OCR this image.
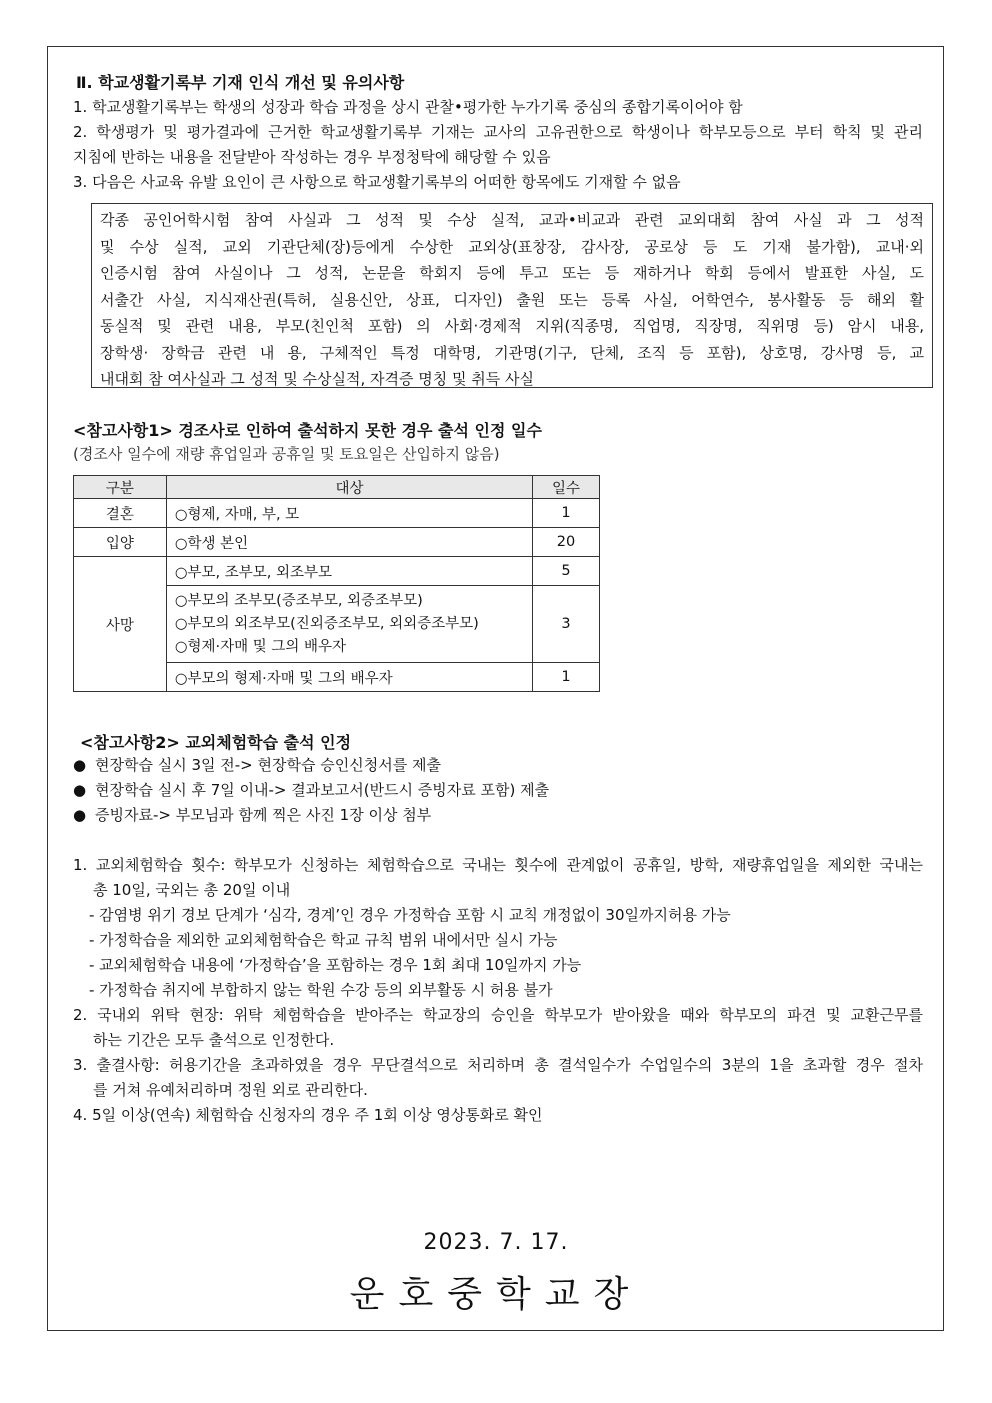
Ⅱ. 학교생활기록부 기재 인식 개선 및 유의사항
1. 학교생활기록부는 학생의 성장과 학습 과정을 상시 관찰•평가한 누가기록 중심의 종합기록이어야 함
2. 학생평가 및 평가결과에 근거한 학교생활기록부 기재는 교사의 고유권한으로 학생이나 학부모등으로 부터 학칙 및 관리
지침에 반하는 내용을 전달받아 작성하는 경우 부정청탁에 해당할 수 있음
3. 다음은 사교육 유발 요인이 큰 사항으로 학교생활기록부의 어떠한 항목에도 기재할 수 없음
각종 공인어학시험 참여 사실과 그 성적 및 수상 실적, 교과•비교과 관련 교외대회 참여 사실 과 그 성적
및 수상 실적, 교외 기관단체(장)등에게 수상한 교외상(표창장, 감사장, 공로상 등 도 기재 불가함), 교내·외
인증시험 참여 사실이나 그 성적, 논문을 학회지 등에 투고 또는 등 재하거나 학회 등에서 발표한 사실, 도
서출간 사실, 지식재산권(특허, 실용신안, 상표, 디자인) 출원 또는 등록 사실, 어학연수, 봉사활동 등 해외 활
동실적 및 관련 내용, 부모(친인척 포함) 의 사회·경제적 지위(직종명, 직업명, 직장명, 직위명 등) 암시 내용,
장학생· 장학금 관련 내 용, 구체적인 특정 대학명, 기관명(기구, 단체, 조직 등 포함), 상호명, 강사명 등, 교
내대회 참 여사실과 그 성적 및 수상실적, 자격증 명칭 및 취득 사실
<참고사항1> 경조사로 인하여 출석하지 못한 경우 출석 인정 일수
(경조사 일수에 재량 휴업일과 공휴일 및 토요일은 산입하지 않음)
구분	대상	일수
결혼	○형제, 자매, 부, 모	1
입양	○학생 본인	20
사망	○부모, 조부모, 외조부모	5

	○부모의 조부모(증조부모, 외증조부모)
○부모의 외조부모(진외증조부모, 외외증조부모)
○형제·자매 및 그의 배우자	3
	○부모의 형제·자매 및 그의 배우자	1
<참고사항2> 교외체험학습 출석 인정
● 현장학습 실시 3일 전-> 현장학습 승인신청서를 제출
● 현장학습 실시 후 7일 이내-> 결과보고서(반드시 증빙자료 포함) 제출
● 증빙자료-> 부모님과 함께 찍은 사진 1장 이상 첨부
1. 교외체험학습 횟수: 학부모가 신청하는 체험학습으로 국내는 횟수에 관계없이 공휴일, 방학, 재량휴업일을 제외한 국내는
총 10일, 국외는 총 20일 이내
- 감염병 위기 경보 단계가 ‘심각, 경계’인 경우 가정학습 포함 시 교칙 개정없이 30일까지허용 가능
- 가정학습을 제외한 교외체험학습은 학교 규칙 범위 내에서만 실시 가능
- 교외체험학습 내용에 ‘가정학습’을 포함하는 경우 1회 최대 10일까지 가능
- 가정학습 취지에 부합하지 않는 학원 수강 등의 외부활동 시 허용 불가
2. 국내외 위탁 현장: 위탁 체험학습을 받아주는 학교장의 승인을 학부모가 받아왔을 때와 학부모의 파견 및 교환근무를
하는 기간은 모두 출석으로 인정한다.
3. 출결사항: 허용기간을 초과하였을 경우 무단결석으로 처리하며 총 결석일수가 수업일수의 3분의 1을 초과할 경우 절차
를 거쳐 유예처리하며 정원 외로 관리한다.
4. 5일 이상(연속) 체험학습 신청자의 경우 주 1회 이상 영상통화로 확인
2023. 7. 17.
운호중학교장
